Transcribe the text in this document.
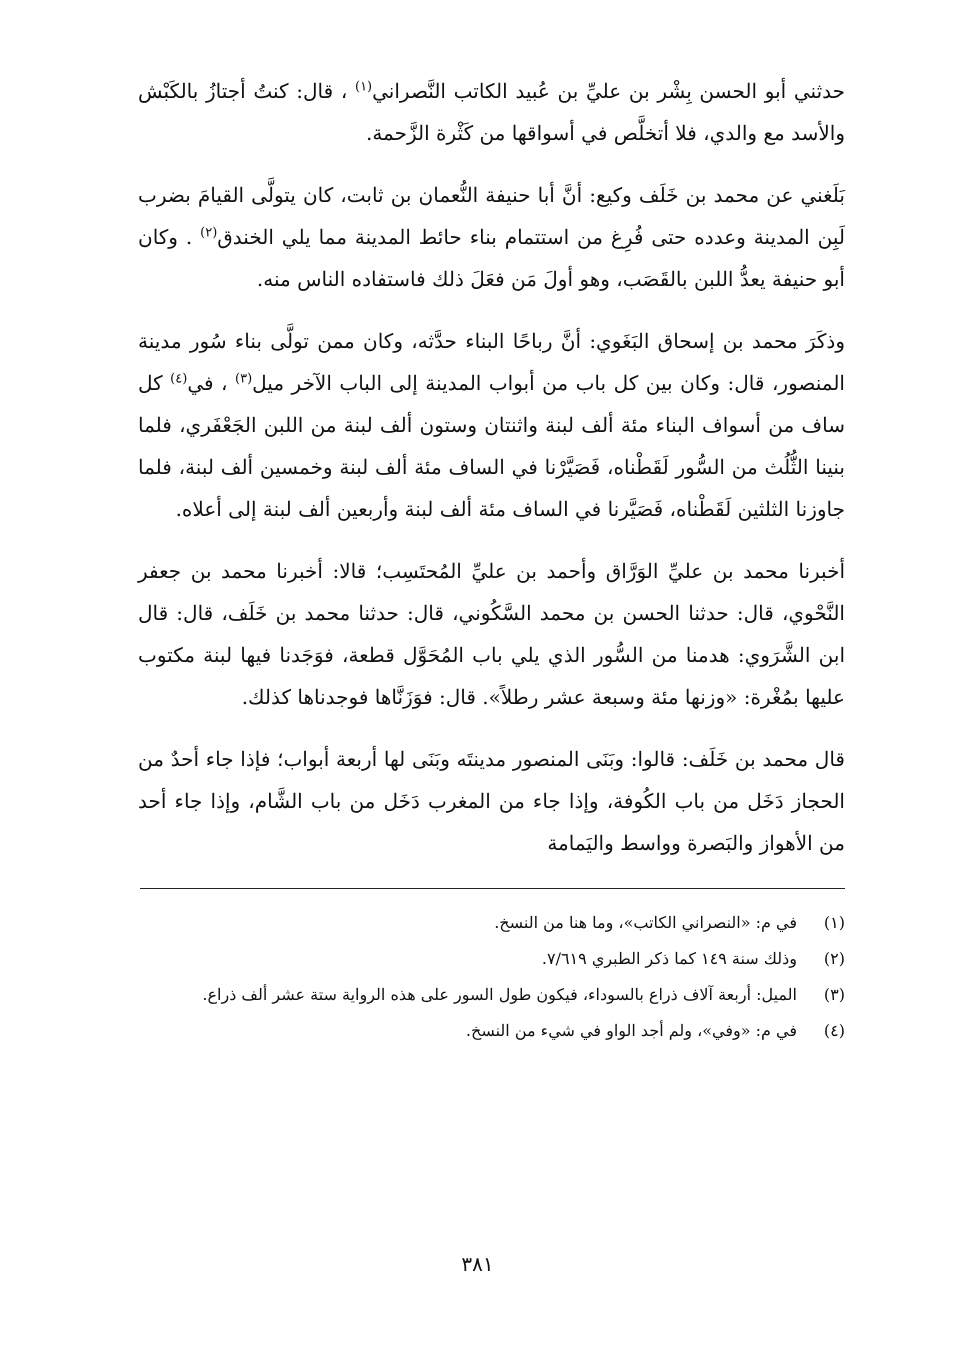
حدثني أبو الحسن بِشْر بن عليِّ بن عُبيد الكاتب النَّصراني$^{(١)}$ ، قال: كنتُ أجتازُ بالكَبْش والأسد مع والدي، فلا أتخلَّص في أسواقها من كَثْرة الزَّحمة.

بَلَغني عن محمد بن خَلَف وكيع: أنَّ أبا حنيفة النُّعمان بن ثابت، كان يتولَّى القيامَ بضرب لَبِن المدينة وعدده حتى فُرِغ من استتمام بناء حائط المدينة مما يلي الخندق$^{(٢)}$ . وكان أبو حنيفة يعدُّ اللبن بالقَصَب، وهو أولَ مَن فعَلَ ذلك فاستفاده الناس منه.

وذكَرَ محمد بن إسحاق البَغَوي: أنَّ رباحًا البناء حدَّثه، وكان ممن تولَّى بناء سُور مدينة المنصور، قال: وكان بين كل باب من أبواب المدينة إلى الباب الآخر ميل$^{(٣)}$ ، في$^{(٤)}$ كل ساف من أسواف البناء مئة ألف لبنة واثنتان وستون ألف لبنة من اللبن الجَعْفَري، فلما بنينا الثُّلُث من السُّور لَقَطْناه، فَصَيَّرْنا في الساف مئة ألف لبنة وخمسين ألف لبنة، فلما جاوزنا الثلثين لَقَطْناه، فَصَيَّرنا في الساف مئة ألف لبنة وأربعين ألف لبنة إلى أعلاه.

أخبرنا محمد بن عليِّ الوَرَّاق وأحمد بن عليِّ المُحتَسِب؛ قالا: أخبرنا محمد بن جعفر النَّحْوي، قال: حدثنا الحسن بن محمد السَّكُوني، قال: حدثنا محمد بن خَلَف، قال: قال ابن الشَّرَوي: هدمنا من السُّور الذي يلي باب المُحَوَّل قطعة، فوَجَدنا فيها لبنة مكتوب عليها بمُغْرة: «وزنها مئة وسبعة عشر رطلاً». قال: فوَزَنَّاها فوجدناها كذلك.

قال محمد بن خَلَف: قالوا: وبَنَى المنصور مدينتَه وبَنَى لها أربعة أبواب؛ فإذا جاء أحدٌ من الحجاز دَخَل من باب الكُوفة، وإذا جاء من المغرب دَخَل من باب الشَّام، وإذا جاء أحد من الأهواز والبَصرة وواسط واليَمامة

(١)
في م: «النصراني الكاتب»، وما هنا من النسخ.
(٢)
وذلك سنة ١٤٩ كما ذكر الطبري ٧/٦١٩.
(٣)
الميل: أربعة آلاف ذراع بالسوداء، فيكون طول السور على هذه الرواية ستة عشر ألف ذراع.
(٤)
في م: «وفي»، ولم أجد الواو في شيء من النسخ.
٣٨١
